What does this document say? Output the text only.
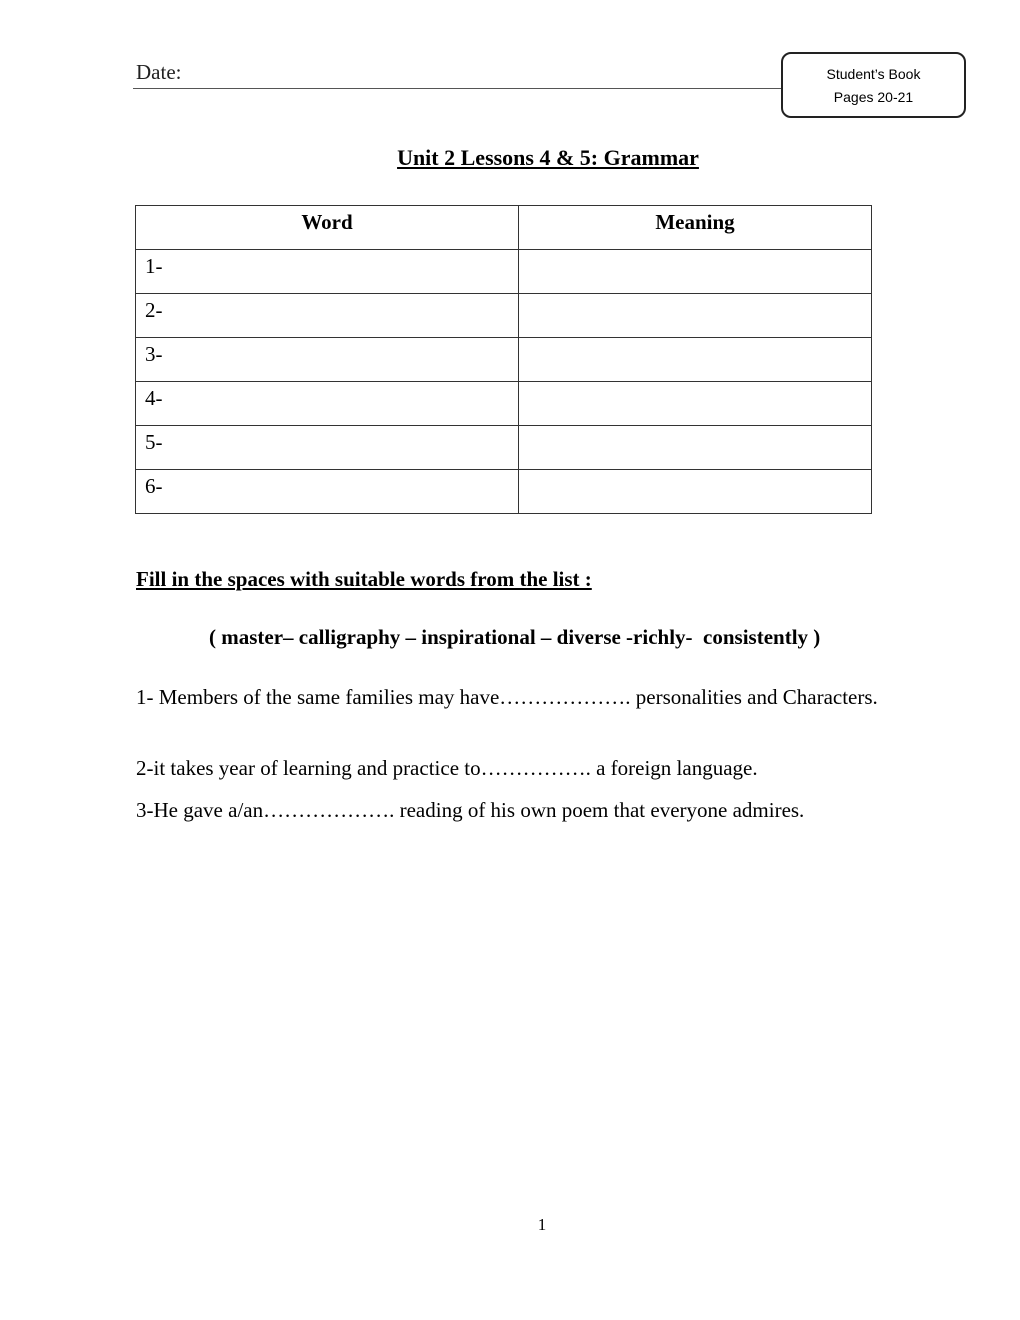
Date:	Student’s Book
Pages 20-21
Unit 2 Lessons 4 & 5: Grammar
Word	Meaning
1-	
2-	
3-	
4-	
5-	
6-	
Fill in the spaces with suitable words from the list :
( master– calligraphy – inspirational – diverse -richly-  consistently )
1- Members of the same families may have………………. personalities and Characters.
2-it takes year of learning and practice to……………. a foreign language.
3-He gave a/an………………. reading of his own poem that everyone admires.
1
